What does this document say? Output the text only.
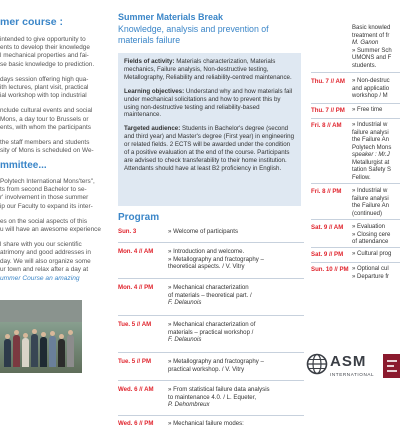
mer course :

intended to give opportunity to
ents to develop their knowledge
l mechanical properties and fai-
se basic knowledge to prediction.

days session offering high qua-
ith lectures, plant visit, practical
ial workshop with top industrial

nclude cultural events and social
Mons, a day tour to Brussels or
ents, with whom the participants

the staff members and students
sity of Mons is scheduled on We-

mmittee...

Polytech International Mons'ters",
ts from second Bachelor to se-
r' involvement in those summer
ip our Faculty to expand its inter-

es on the social aspects of this
u will have an awesome experience

l share with you our scientific
atrimony and good addresses in
day. We will also organize some
ur town and relax after a day at

ummer Course an amazing
Summer Materials Break
Knowledge, analysis and prevention of materials failure

Fields of activity: Materials characterization, Materials mechanics, Failure analysis, Non-destructive testing, Metallography, Reliability and reliability-centred maintenance.

Learning objectives: Understand why and how materials fail under mechanical solicitations and how to prevent this by using non-destructive testing and reliability-based maintenance.

Targeted audience: Students in Bachelor's degree (second and third year) and Master's degree (First year) in engineering or related fields. 2 ECTS will be awarded under the condition of a positive evaluation at the end of the course. Participants are advised to check transferability to their home institution. Attendants should have at least B2 proficiency in English.

Program
Sun. 3	» Welcome of participants
Mon. 4 // AM » Introduction and welcome.
» Metallography and fractography –
theoretical aspects. / V. Vitry
Mon. 4 // PM » Mechanical characterization
of materials – theoretical part. /
F. Delaunois
Tue. 5 // AM	» Mechanical characterization of
materials – practical workshop /
F. Delaunois
Tue. 5 // PM	» Metallography and fractography –
practical workshop. / V. Vitry
Wed. 6 // AM » From statistical failure data analysis
to maintenance 4.0. / L. Equeter,
P. Dehombreux
Wed. 6 // PM » Mechanical failure modes:
Basic knowled
treatment of fr
M. Ganon
» Summer Sch
UMONS and F
students.
Thu. 7 // AM » Non-destruc
and applicatio
workshop / M
Thu. 7 // PM » Free time
Fri. 8 // AM » Industrial w
failure analysi
the Failure An
Polytech Mons
speaker : Mr.J
Metallurgist at
tation Safety S
Fellow.
Fri. 8 // PM » Industrial w
failure analysi
the Failure An
(continued)
Sat. 9 // AM » Evaluation
» Closing cere
of attendance
Sat. 9 // PM » Cultural prog
Sun. 10 // PM » Optional cul
» Departure fr
ASM
INTERNATIONAL
